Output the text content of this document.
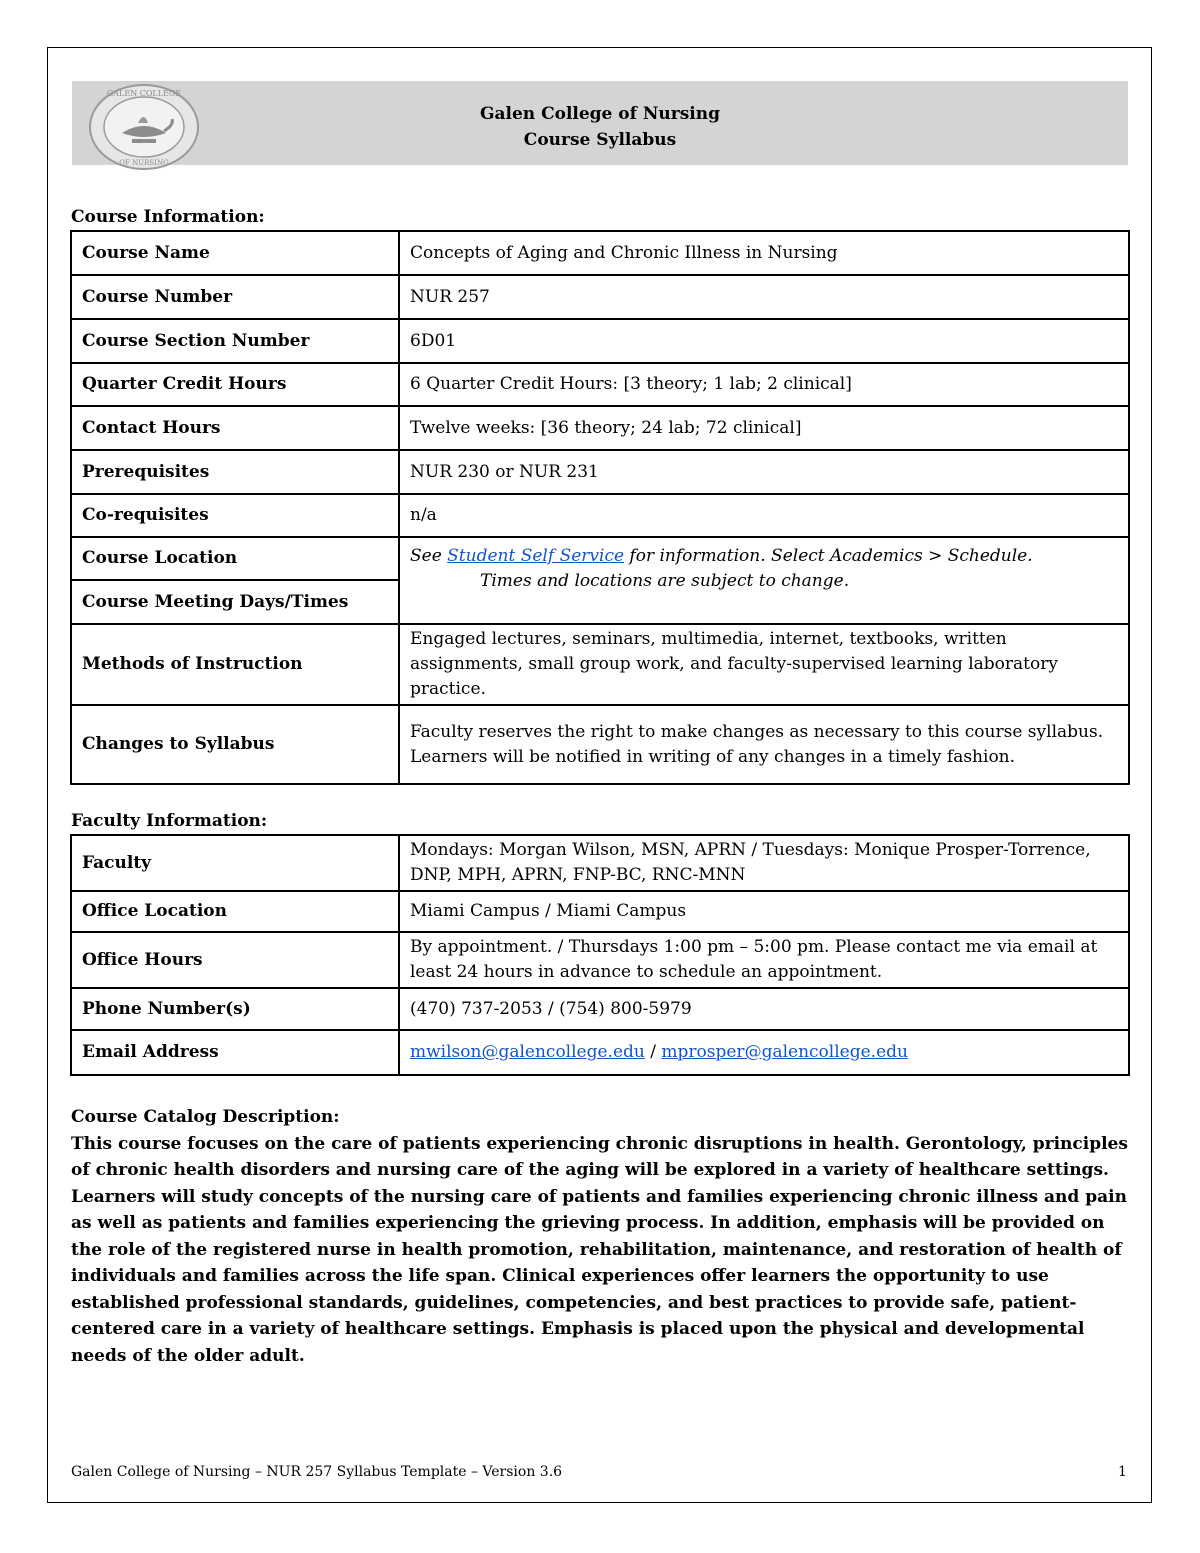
GALEN COLLEGE
OF NURSING
Galen College of Nursing
Course Syllabus
Course Information:
Course Name	Concepts of Aging and Chronic Illness in Nursing
Course Number	NUR 257
Course Section Number	6D01
Quarter Credit Hours	6 Quarter Credit Hours: [3 theory; 1 lab; 2 clinical]
Contact Hours	Twelve weeks: [36 theory; 24 lab; 72 clinical]
Prerequisites	NUR 230 or NUR 231
Co-requisites	n/a
Course Location	See Student Self Service for information. Select Academics > Schedule.
Times and locations are subject to change.

Course Meeting Days/Times	
Methods of Instruction	Engaged lectures, seminars, multimedia, internet, textbooks, written assignments, small group work, and faculty-supervised learning laboratory practice.
Changes to Syllabus	Faculty reserves the right to make changes as necessary to this course syllabus. Learners will be notified in writing of any changes in a timely fashion.
Faculty Information:
Faculty	Mondays: Morgan Wilson, MSN, APRN / Tuesdays: Monique Prosper-Torrence, DNP, MPH, APRN, FNP-BC, RNC-MNN
Office Location	Miami Campus / Miami Campus
Office Hours	By appointment. / Thursdays 1:00 pm – 5:00 pm. Please contact me via email at least 24 hours in advance to schedule an appointment.
Phone Number(s)	(470) 737-2053 / (754) 800-5979
Email Address	mwilson@galencollege.edu / mprosper@galencollege.edu
Course Catalog Description:
This course focuses on the care of patients experiencing chronic disruptions in health. Gerontology, principles of chronic health disorders and nursing care of the aging will be explored in a variety of healthcare settings. Learners will study concepts of the nursing care of patients and families experiencing chronic illness and pain as well as patients and families experiencing the grieving process. In addition, emphasis will be provided on the role of the registered nurse in health promotion, rehabilitation, maintenance, and restoration of health of individuals and families across the life span. Clinical experiences offer learners the opportunity to use established professional standards, guidelines, competencies, and best practices to provide safe, patient-centered care in a variety of healthcare settings. Emphasis is placed upon the physical and developmental needs of the older adult.
Galen College of Nursing – NUR 257 Syllabus Template – Version 3.6	1
